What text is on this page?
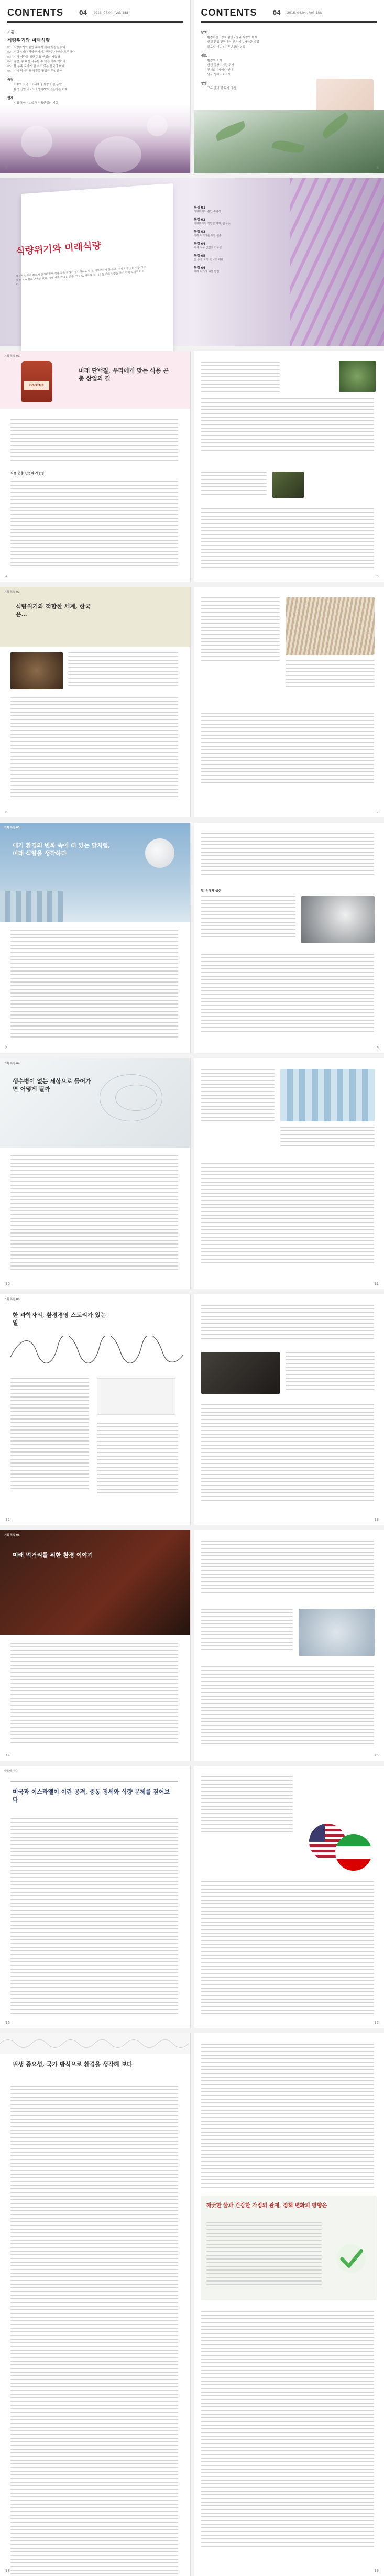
CONTENTS	04 2016. 04.04 / Vol. 188
기획
식량위기와 미래식량
01 식량위기의 불안 속에서 미래 식량을 찾다
02 식량위기와 적합한 세계, 한국은 대안을 모색하다
03 미래 식량을 위한 곤충 산업의 가능성
04 달걀, 콩 대신 사용할 수 있는 미래 먹거리
05 물 부족 국가가 될 수도 있는 한국의 미래
06 미래 먹거리를 해결할 방법은 무엇일까
특집
이슈와 트렌드 / 세계의 식량 기술 동향
환경 산업 리포트 / 생태계와 공존하는 미래
연재
시장 동향 / 농업과 식품산업의 기회
2
CONTENTS	04 2016. 04.04 / Vol. 188
칼럼
환경기술 · 정책 탐방 / 물과 식량의 미래
환경 산업 현장에서 찾은 지속가능한 방법
글로벌 이슈 / 기후변화와 농업
정보
환경부 소식
산업 동향 · 기업 소개
전시회 · 세미나 안내
연구 성과 · 보고서
알림
구독 안내 및 독자 의견
3
식량위기와 미래식량
지구촌 인구가 빠르게 증가하면서 식량 부족 문제가 심각해지고 있다. 기후변화와 물 부족, 경작지 감소는 식량 생산을 더욱 어렵게 만들고 있다. 이에 세계 각국은 곤충, 인공육, 해조류 등 새로운 미래 식량을 찾기 위해 노력하고 있다.
특집 01
식량위기의 불안 속에서
특집 02
식량위기와 적합한 세계, 한국은
특집 03
미래 먹거리를 위한 곤충
특집 04
대체 식품 산업의 가능성
특집 05
물 부족 국가, 한국의 미래
특집 06
미래 먹거리 해결 방법
기획 특집 01
FOOTUR
미래 단백질, 우리에게 맞는 식용 곤충 산업의 길
식용 곤충 산업의 가능성
4	5
기획 특집 02
식량위기와 적합한 세계, 한국은…
6	7
기획 특집 03
대기 환경의 변화 속에 떠 있는 달처럼, 미래 식량을 생각하다
8
달 유리의 생산
9
기획 특집 04
생수병이 없는 세상으로 들어가면 어떻게 될까
10	11
기획 특집 05
한 과학자의, 환경경영 스토리가 있는 일
12	13
기획 특집 06
미래 먹거리를 위한 환경 이야기
14	15
글로벌 이슈
미국과 이스라엘이 이란 공격, 중동 정세와 식량 문제를 짚어보다
16	17
위생 중요성, 국가 방식으로 환경을 생각해 보다
18
깨끗한 물과 건강한 가정의 관계, 정책 변화의 방향은
19
